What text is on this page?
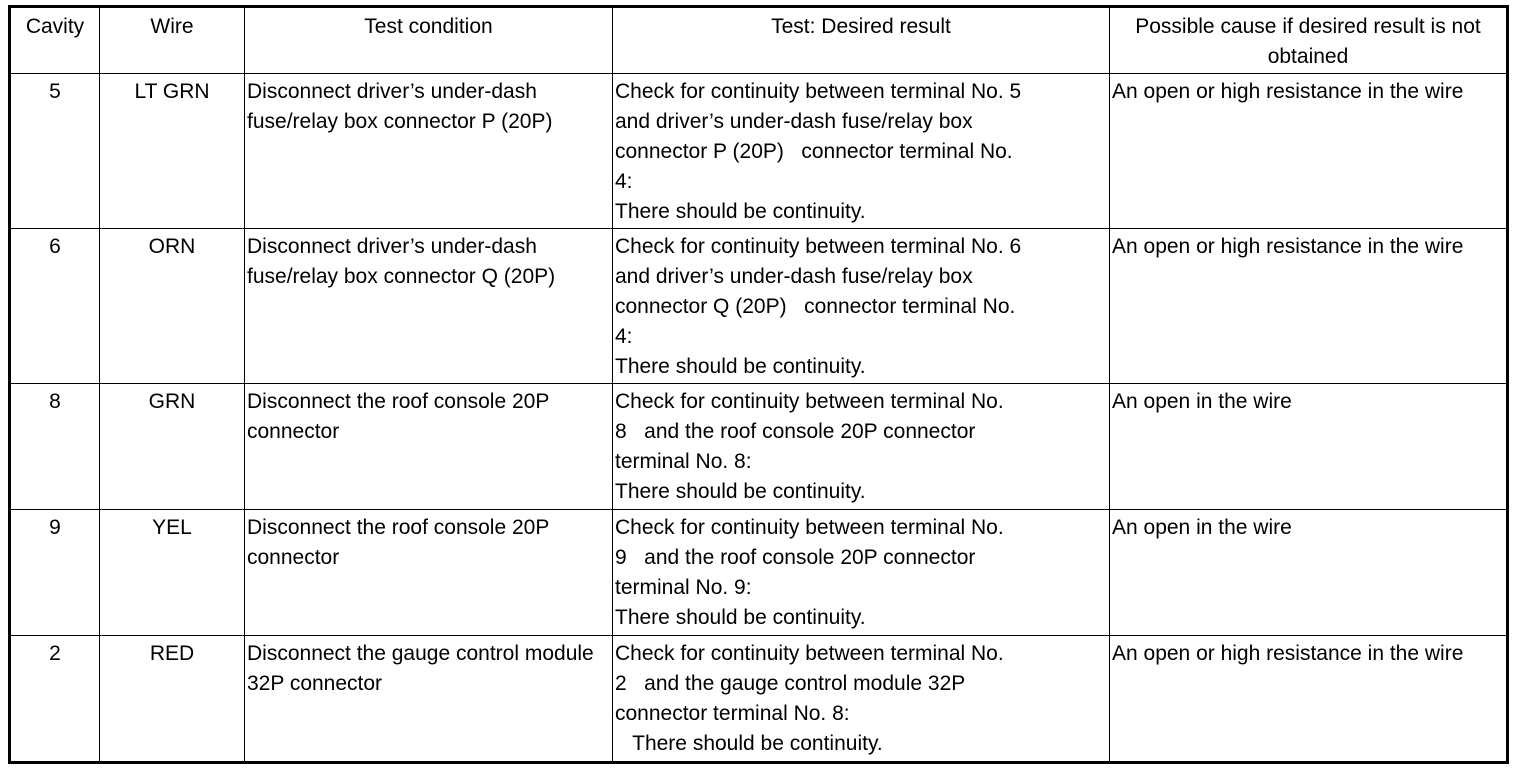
Cavity	Wire	Test condition	Test: Desired result	Possible cause if desired result is not obtained
5	LT GRN	Disconnect driver’s under-dash fuse/relay box connector P (20P)	Check for continuity between terminal No. 5
and driver’s under-dash fuse/relay box
connector P (20P)   connector terminal No.
4:
There should be continuity.	An open or high resistance in the wire
6	ORN	Disconnect driver’s under-dash fuse/relay box connector Q (20P)	Check for continuity between terminal No. 6
and driver’s under-dash fuse/relay box
connector Q (20P)   connector terminal No.
4:
There should be continuity.	An open or high resistance in the wire
8	GRN	Disconnect the roof console 20P connector	Check for continuity between terminal No.
8   and the roof console 20P connector
terminal No. 8:
There should be continuity.	An open in the wire
9	YEL	Disconnect the roof console 20P connector	Check for continuity between terminal No.
9   and the roof console 20P connector
terminal No. 9:
There should be continuity.	An open in the wire
2	RED	Disconnect the gauge control module 32P connector	Check for continuity between terminal No.
2   and the gauge control module 32P
connector terminal No. 8:
There should be continuity.	An open or high resistance in the wire
